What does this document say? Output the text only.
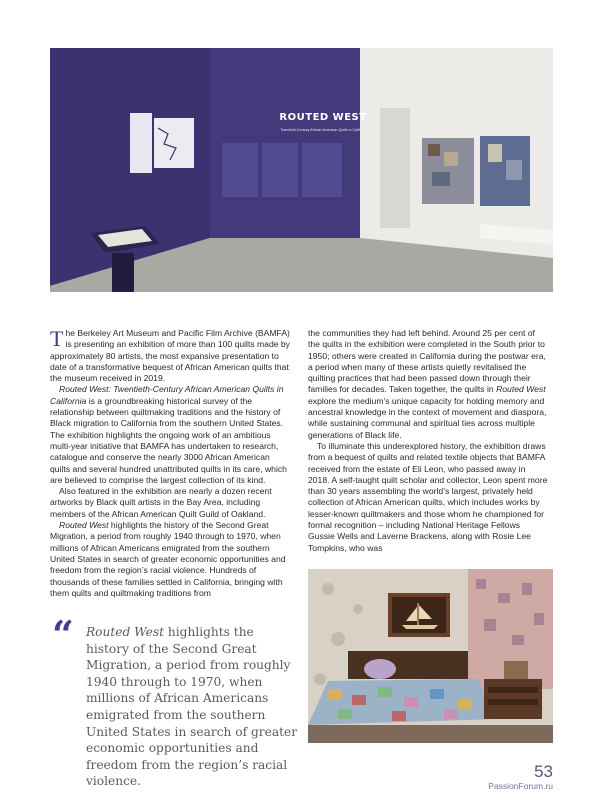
ROUTED WEST
Twentieth-Century African American Quilts in California

The Berkeley Art Museum and Pacific Film Archive (BAMFA) is presenting an exhibition of more than 100 quilts made by approximately 80 artists, the most expansive presentation to date of a transformative bequest of African American quilts that the museum received in 2019.

Routed West: Twentieth-Century African American Quilts in California is a groundbreaking historical survey of the relationship between quiltmaking traditions and the history of Black migration to California from the southern United States. The exhibition highlights the ongoing work of an ambitious multi-year initiative that BAMFA has undertaken to research, catalogue and conserve the nearly 3000 African American quilts and several hundred unattributed quilts in its care, which are believed to comprise the largest collection of its kind.

Also featured in the exhibition are nearly a dozen recent artworks by Black quilt artists in the Bay Area, including members of the African American Quilt Guild of Oakland.

Routed West highlights the history of the Second Great Migration, a period from roughly 1940 through to 1970, when millions of African Americans emigrated from the southern United States in search of greater economic opportunities and freedom from the region’s racial violence. Hundreds of thousands of these families settled in California, bringing with them quilts and quiltmaking traditions from

the communities they had left behind. Around 25 per cent of the quilts in the exhibition were completed in the South prior to 1950; others were created in California during the postwar era, a period when many of these artists quietly revitalised the quilting practices that had been passed down through their families for decades. Taken together, the quilts in Routed West explore the medium’s unique capacity for holding memory and ancestral knowledge in the context of movement and diaspora, while sustaining communal and spiritual ties across multiple generations of Black life.

To illuminate this underexplored history, the exhibition draws from a bequest of quilts and related textile objects that BAMFA received from the estate of Eli Leon, who passed away in 2018. A self-taught quilt scholar and collector, Leon spent more than 30 years assembling the world’s largest, privately held collection of African American quilts, which includes works by lesser-known quiltmakers and those whom he championed for formal recognition – including National Heritage Fellows Gussie Wells and Laverne Brackens, along with Rosie Lee Tompkins, who was

“ Routed West highlights the history of the Second Great Migration, a period from roughly 1940 through to 1970, when millions of African Americans emigrated from the southern United States in search of greater economic opportunities and freedom from the region’s racial violence.

53
PassionForum.ru
